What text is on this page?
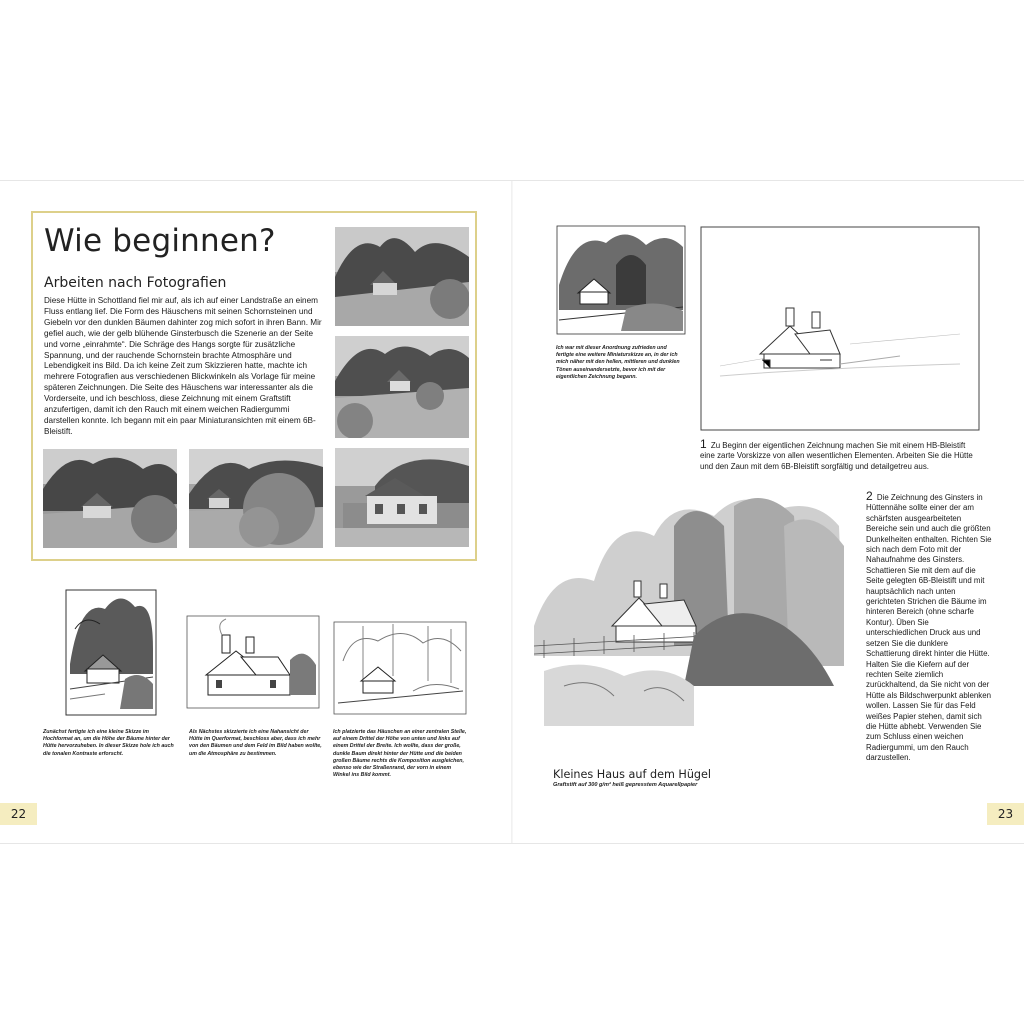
Wie beginnen?
Arbeiten nach Fotografien

Diese Hütte in Schottland fiel mir auf, als ich auf einer Landstraße an einem Fluss entlang lief. Die Form des Häuschens mit seinen Schornsteinen und Giebeln vor den dunklen Bäumen dahinter zog mich sofort in ihren Bann. Mir gefiel auch, wie der gelb blühende Ginsterbusch die Szenerie an der Seite und vorne „einrahmte“. Die Schräge des Hangs sorgte für zusätzliche Spannung, und der rauchende Schornstein brachte Atmosphäre und Lebendigkeit ins Bild. Da ich keine Zeit zum Skizzieren hatte, machte ich mehrere Fotografien aus verschiedenen Blickwinkeln als Vorlage für meine späteren Zeichnungen. Die Seite des Häuschens war interessanter als die Vorderseite, und ich beschloss, diese Zeichnung mit einem Graftstift anzufertigen, damit ich den Rauch mit einem weichen Radiergummi darstellen konnte. Ich begann mit ein paar Miniaturansichten mit einem 6B-Bleistift.

Zunächst fertigte ich eine kleine Skizze im Hochformat an, um die Höhe der Bäume hinter der Hütte hervorzuheben. In dieser Skizze hole ich auch die tonalen Kontraste erforscht.

Als Nächstes skizzierte ich eine Nahansicht der Hütte im Querformat, beschloss aber, dass ich mehr von den Bäumen und dem Feld im Bild haben wollte, um die Atmosphäre zu bestimmen.

Ich platzierte das Häuschen an einer zentralen Stelle, auf einem Drittel der Höhe von unten und links auf einem Drittel der Breite. Ich wollte, dass der große, dunkle Baum direkt hinter der Hütte und die beiden großen Bäume rechts die Komposition ausgleichen, ebenso wie der Straßenrand, der vorn in einem Winkel ins Bild kommt.

22

Ich war mit dieser Anordnung zufrieden und fertigte eine weitere Miniaturskizze an, in der ich mich näher mit den hellen, mittleren und dunklen Tönen auseinandersetzte, bevor ich mit der eigentlichen Zeichnung begann.

1 Zu Beginn der eigentlichen Zeichnung machen Sie mit einem HB-Bleistift eine zarte Vorskizze von allen wesentlichen Elementen. Arbeiten Sie die Hütte und den Zaun mit dem 6B-Bleistift sorgfältig und detailgetreu aus.

2 Die Zeichnung des Ginsters in Hüttennähe sollte einer der am schärfsten ausgearbeiteten Bereiche sein und auch die größten Dunkelheiten enthalten. Richten Sie sich nach dem Foto mit der Nahaufnahme des Ginsters. Schattieren Sie mit dem auf die Seite gelegten 6B-Bleistift und mit hauptsächlich nach unten gerichteten Strichen die Bäume im hinteren Bereich (ohne scharfe Kontur). Üben Sie unterschiedlichen Druck aus und setzen Sie die dunklere Schattierung direkt hinter die Hütte. Halten Sie die Kiefern auf der rechten Seite ziemlich zurückhaltend, da Sie nicht von der Hütte als Bildschwerpunkt ablenken wollen. Lassen Sie für das Feld weißes Papier stehen, damit sich die Hütte abhebt. Verwenden Sie zum Schluss einen weichen Radiergummi, um den Rauch darzustellen.

Kleines Haus auf dem Hügel
Graftstift auf 300 g/m² heiß gepresstem Aquarellpapier
23
